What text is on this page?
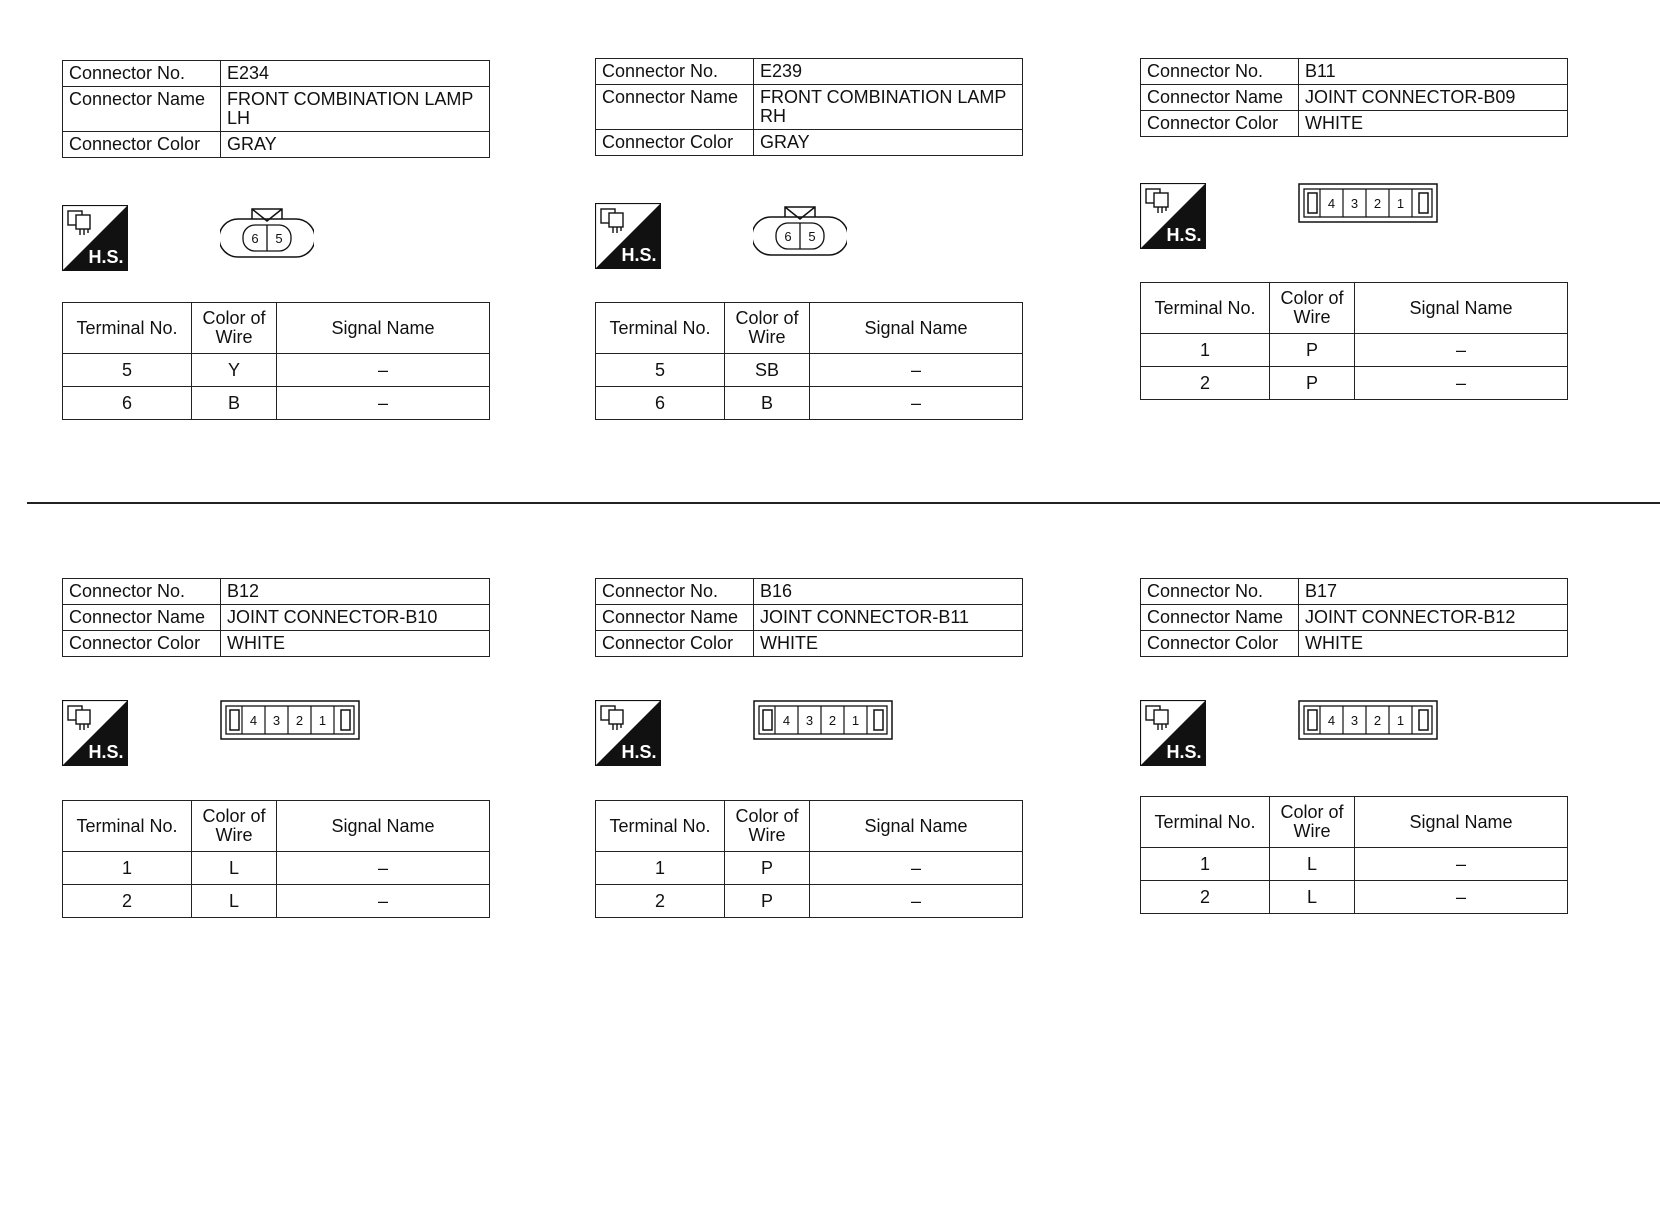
Connector No.	E234
Connector Name	FRONT COMBINATION LAMP LH
Connector Color	GRAY
H.S.
6 5
Terminal No.	Color of Wire	Signal Name
5	Y	–
6	B	–
Connector No.	E239
Connector Name	FRONT COMBINATION LAMP RH
Connector Color	GRAY
H.S.
6 5
Terminal No.	Color of Wire	Signal Name
5	SB	–
6	B	–
Connector No.	B11
Connector Name	JOINT CONNECTOR-B09
Connector Color	WHITE
H.S.
4 3 2 1
Terminal No.	Color of Wire	Signal Name
1	P	–
2	P	–
Connector No.	B12
Connector Name	JOINT CONNECTOR-B10
Connector Color	WHITE
H.S.
4 3 2 1
Terminal No.	Color of Wire	Signal Name
1	L	–
2	L	–
Connector No.	B16
Connector Name	JOINT CONNECTOR-B11
Connector Color	WHITE
H.S.
4 3 2 1
Terminal No.	Color of Wire	Signal Name
1	P	–
2	P	–
Connector No.	B17
Connector Name	JOINT CONNECTOR-B12
Connector Color	WHITE
H.S.
4 3 2 1
Terminal No.	Color of Wire	Signal Name
1	L	–
2	L	–
